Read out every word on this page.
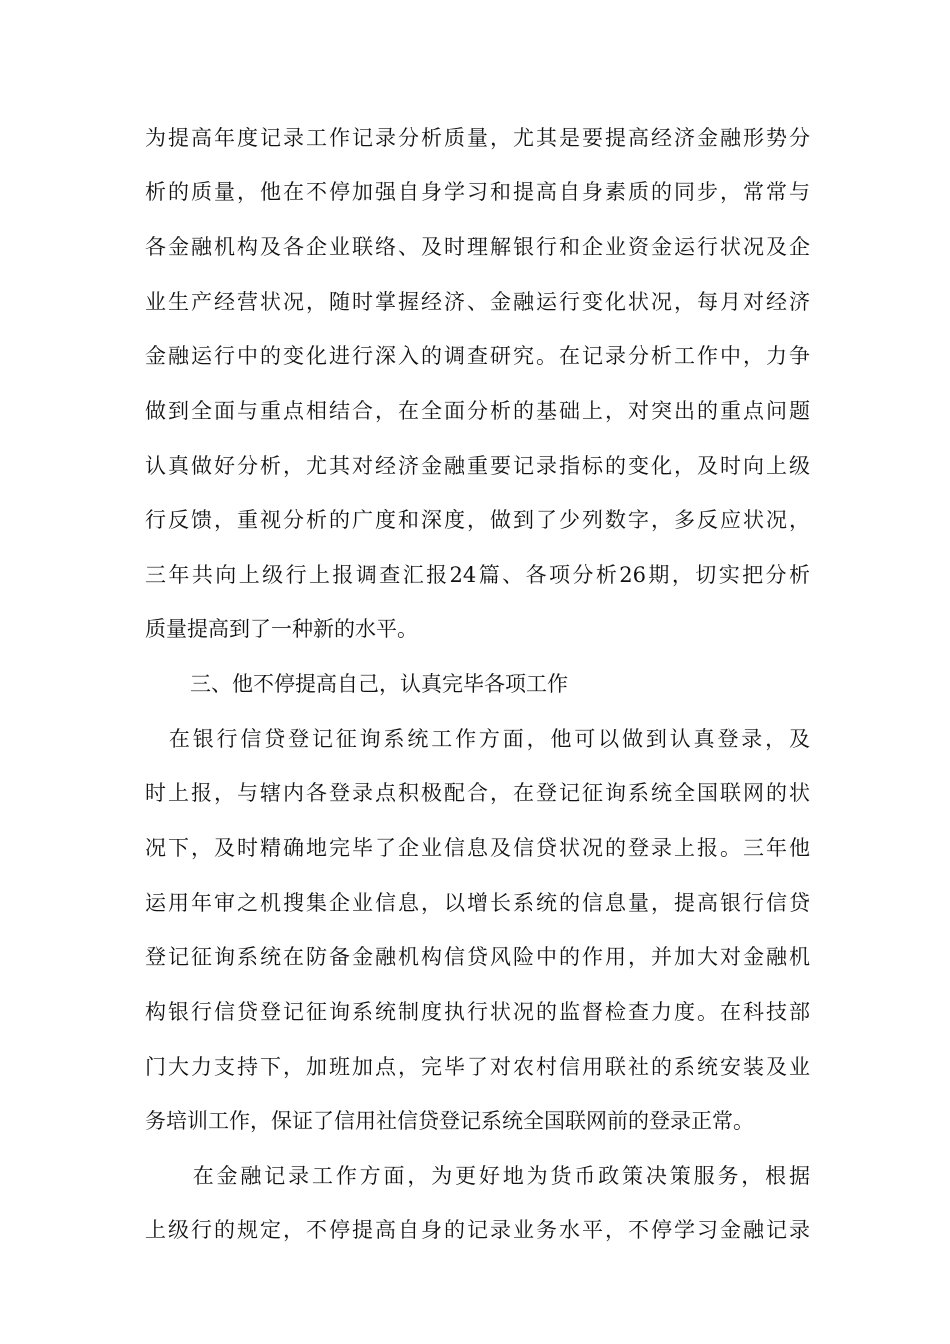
为提高年度记录工作记录分析质量，尤其是要提高经济金融形势分
析的质量，他在不停加强自身学习和提高自身素质的同步，常常与
各金融机构及各企业联络、及时理解银行和企业资金运行状况及企
业生产经营状况，随时掌握经济、金融运行变化状况，每月对经济
金融运行中的变化进行深入的调查研究。在记录分析工作中，力争
做到全面与重点相结合，在全面分析的基础上，对突出的重点问题
认真做好分析，尤其对经济金融重要记录指标的变化，及时向上级
行反馈，重视分析的广度和深度，做到了少列数字，多反应状况，
三年共向上级行上报调查汇报24篇、各项分析26期，切实把分析
质量提高到了一种新的水平。
三、他不停提高自己，认真完毕各项工作
　在银行信贷登记征询系统工作方面，他可以做到认真登录，及
时上报，与辖内各登录点积极配合，在登记征询系统全国联网的状
况下，及时精确地完毕了企业信息及信贷状况的登录上报。三年他
运用年审之机搜集企业信息，以增长系统的信息量，提高银行信贷
登记征询系统在防备金融机构信贷风险中的作用，并加大对金融机
构银行信贷登记征询系统制度执行状况的监督检查力度。在科技部
门大力支持下，加班加点，完毕了对农村信用联社的系统安装及业
务培训工作，保证了信用社信贷登记系统全国联网前的登录正常。
　　在金融记录工作方面，为更好地为货币政策决策服务，根据
上级行的规定，不停提高自身的记录业务水平，不停学习金融记录
